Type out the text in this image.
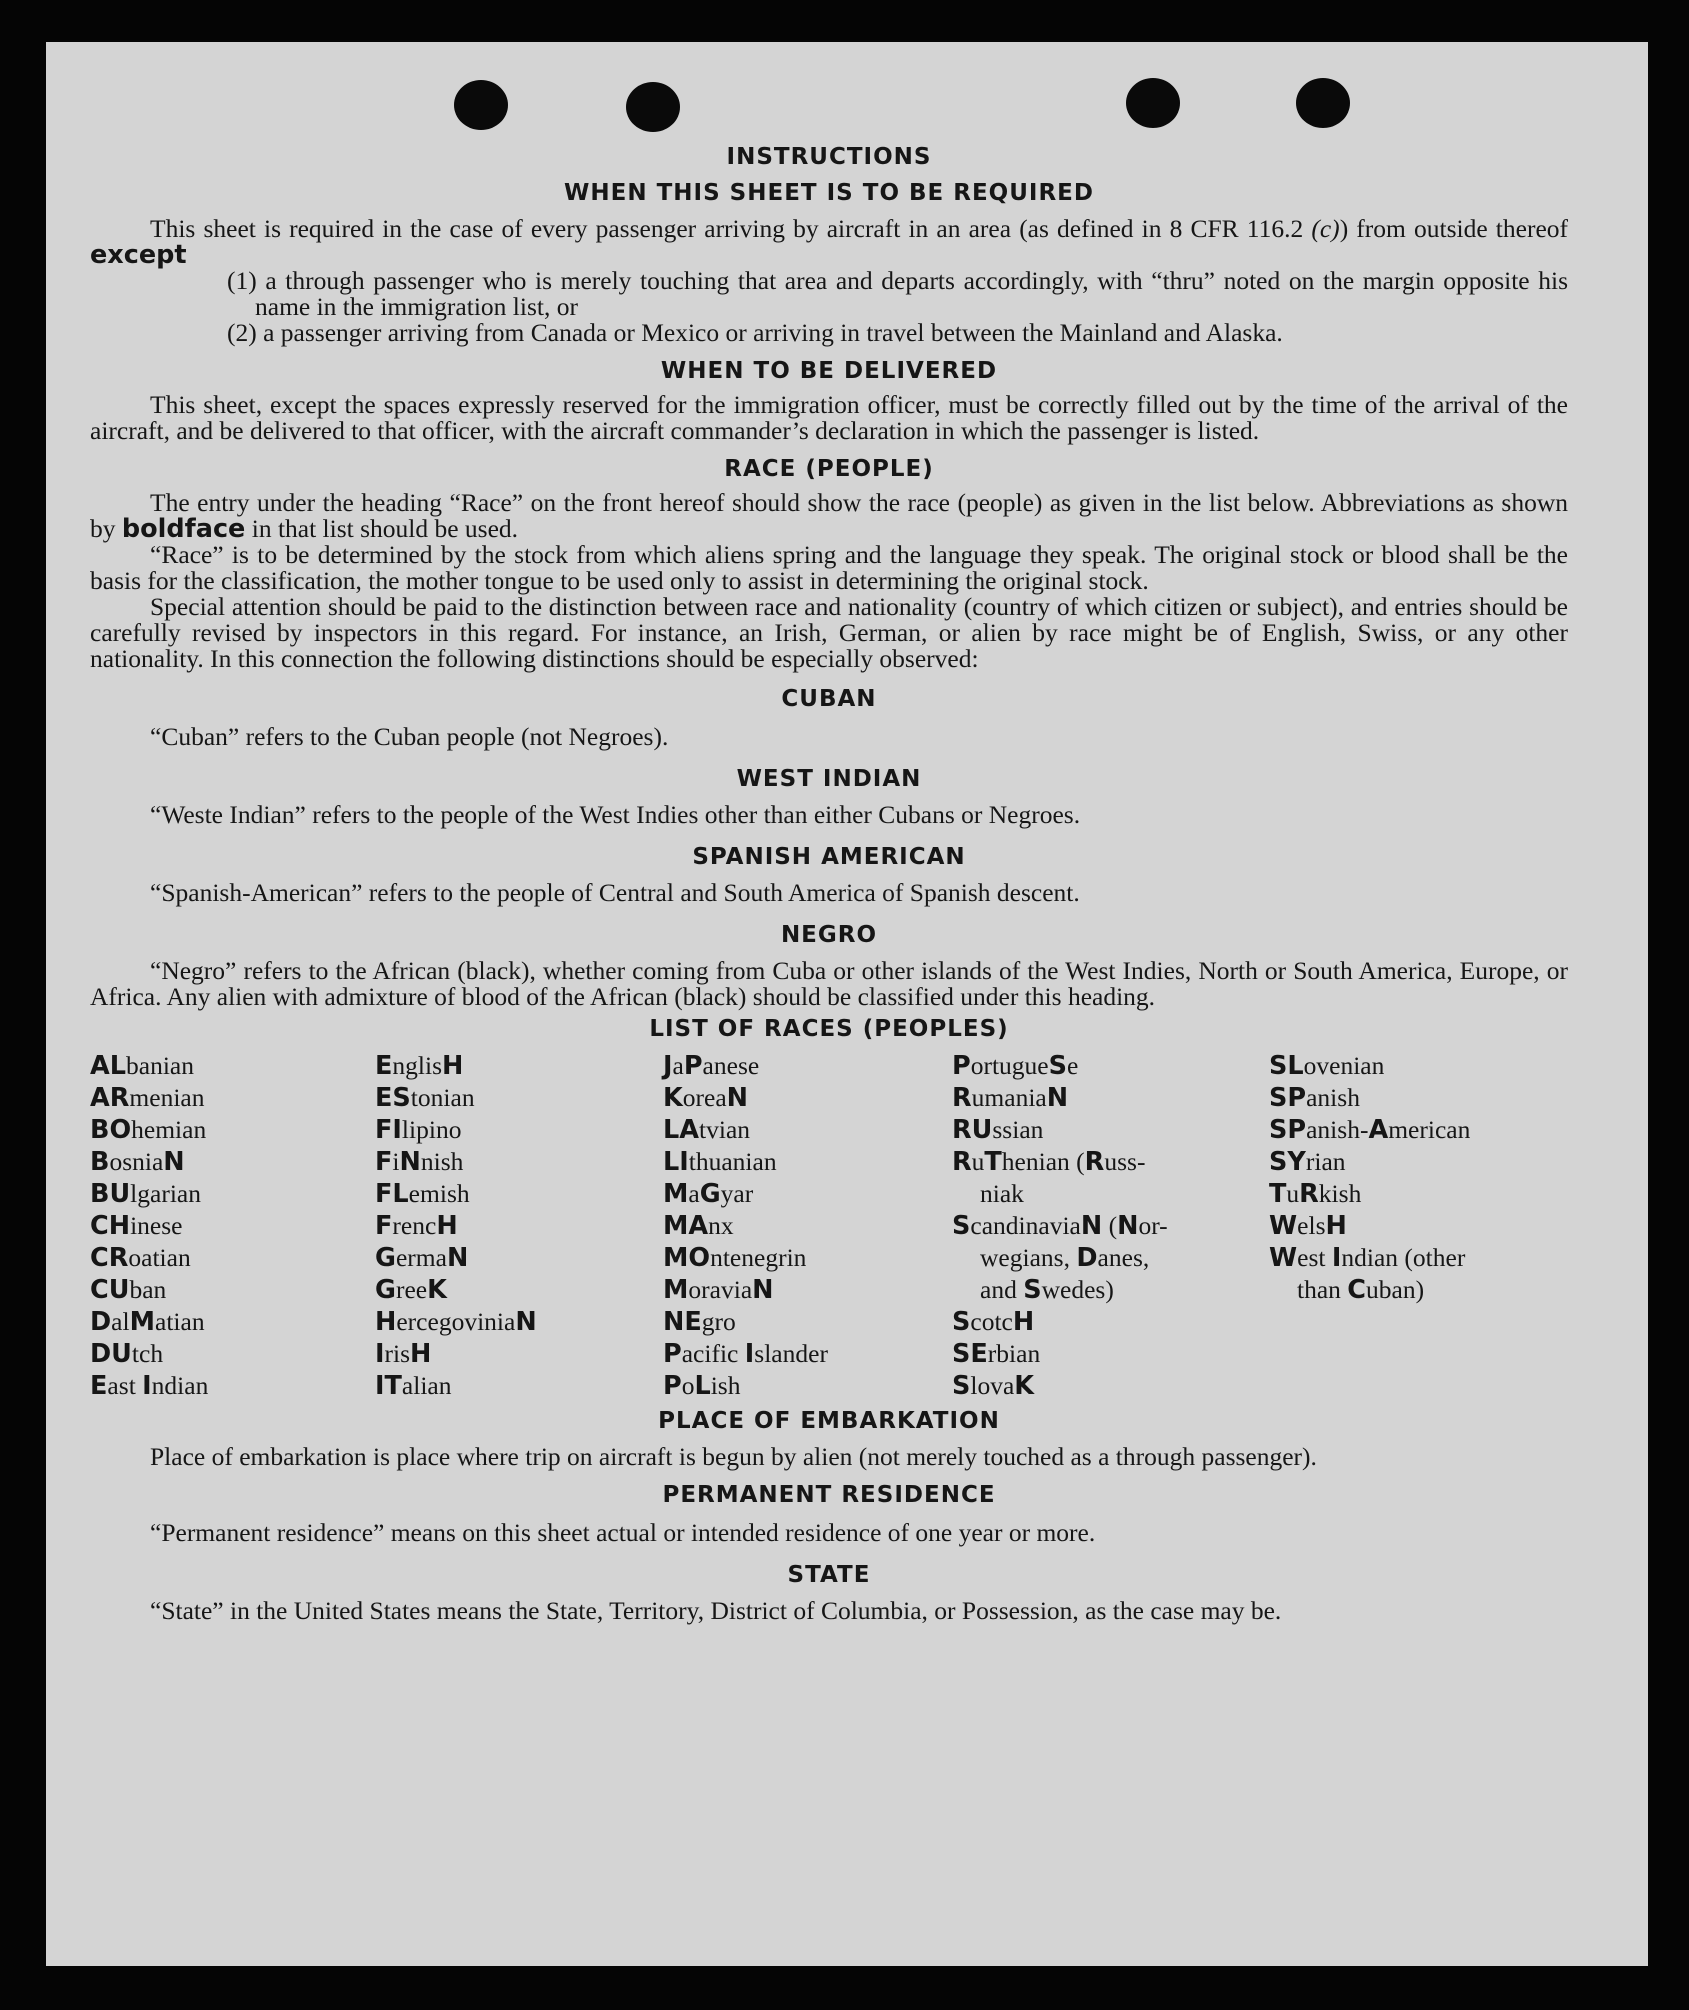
INSTRUCTIONS
WHEN THIS SHEET IS TO BE REQUIRED

This sheet is required in the case of every passenger arriving by aircraft in an area (as defined in 8 CFR 116.2 (c)) from outside thereof except

(1) a through passenger who is merely touching that area and departs accordingly, with “thru” noted on the margin opposite his name in the immigration list, or

(2) a passenger arriving from Canada or Mexico or arriving in travel between the Mainland and Alaska.

WHEN TO BE DELIVERED

This sheet, except the spaces expressly reserved for the immigration officer, must be correctly filled out by the time of the arrival of the aircraft, and be delivered to that officer, with the aircraft commander’s declaration in which the passenger is listed.

RACE (PEOPLE)

The entry under the heading “Race” on the front hereof should show the race (people) as given in the list below. Abbreviations as shown by boldface in that list should be used.

“Race” is to be determined by the stock from which aliens spring and the language they speak. The original stock or blood shall be the basis for the classification, the mother tongue to be used only to assist in determining the original stock.

Special attention should be paid to the distinction between race and nationality (country of which citizen or subject), and entries should be carefully revised by inspectors in this regard. For instance, an Irish, German, or alien by race might be of English, Swiss, or any other nationality. In this connection the following distinctions should be especially observed:

CUBAN

“Cuban” refers to the Cuban people (not Negroes).

WEST INDIAN

“Weste Indian” refers to the people of the West Indies other than either Cubans or Negroes.

SPANISH AMERICAN

“Spanish-American” refers to the people of Central and South America of Spanish descent.

NEGRO

“Negro” refers to the African (black), whether coming from Cuba or other islands of the West Indies, North or South America, Europe, or Africa. Any alien with admixture of blood of the African (black) should be classified under this heading.

LIST OF RACES (PEOPLES)
ALbanian
ARmenian
BOhemian
BosniaN
BUlgarian
CHinese
CRoatian
CUban
DalMatian
DUtch
East Indian
EnglisH
EStonian
FIlipino
FiNnish
FLemish
FrencH
GermaN
GreeK
HercegoviniaN
IrisH
ITalian
JaPanese
KoreaN
LAtvian
LIthuanian
MaGyar
MAnx
MOntenegrin
MoraviaN
NEgro
Pacific Islander
PoLish
PortugueSe
RumaniaN
RUssian
RuThenian (Russ-
niak
ScandinaviaN (Nor-
wegians, Danes,
and Swedes)
ScotcH
SErbian
SlovaK
SLovenian
SPanish
SPanish-American
SYrian
TuRkish
WelsH
West Indian (other
than Cuban)
PLACE OF EMBARKATION

Place of embarkation is place where trip on aircraft is begun by alien (not merely touched as a through passenger).

PERMANENT RESIDENCE

“Permanent residence” means on this sheet actual or intended residence of one year or more.

STATE

“State” in the United States means the State, Territory, District of Columbia, or Possession, as the case may be.
